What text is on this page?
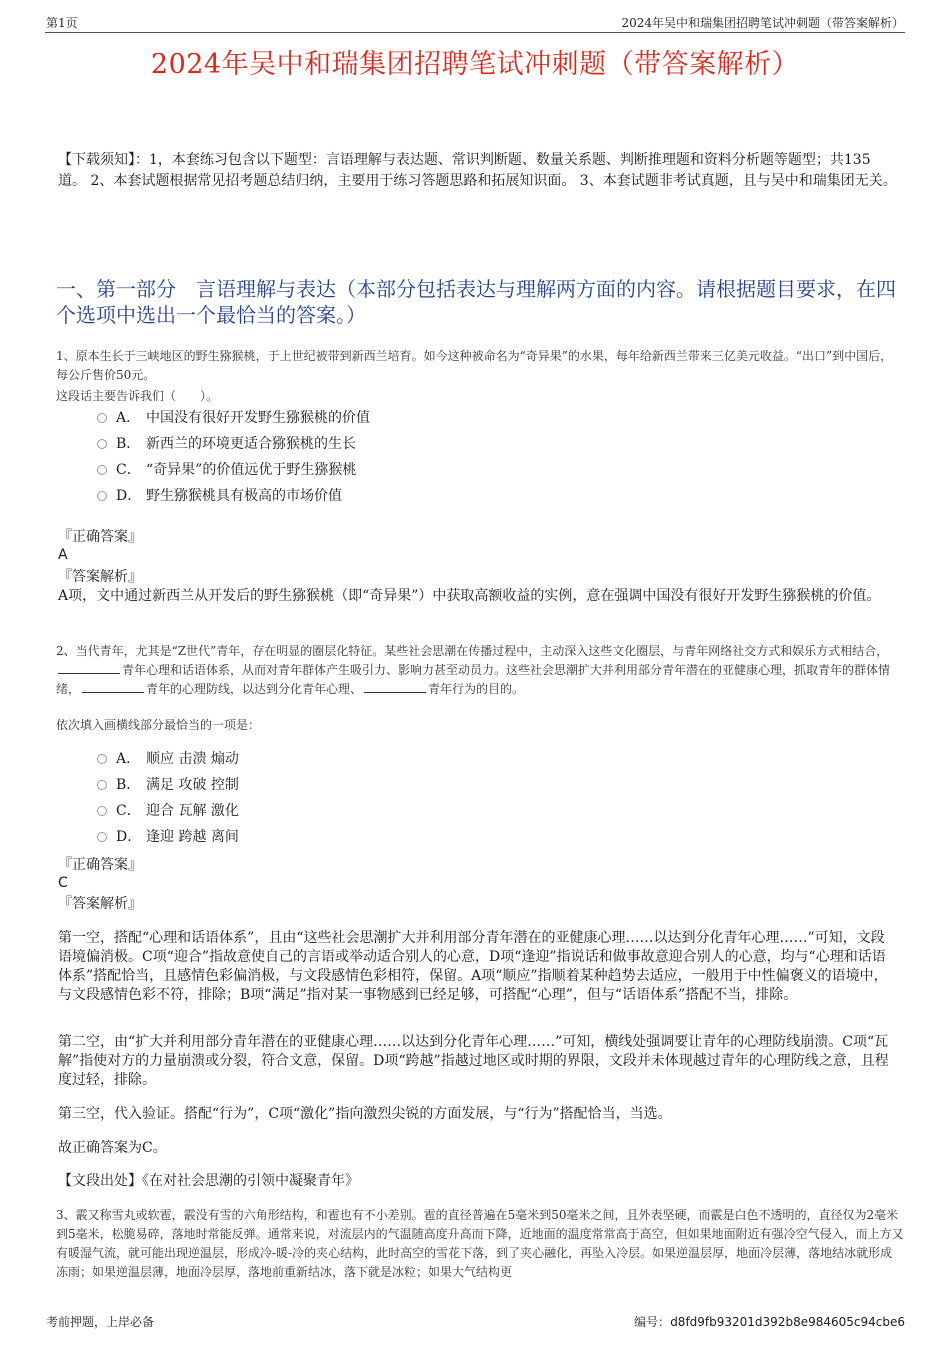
第1页	2024年吴中和瑞集团招聘笔试冲刺题（带答案解析）
2024年吴中和瑞集团招聘笔试冲刺题（带答案解析）
【下载须知】：1，本套练习包含以下题型：言语理解与表达题、常识判断题、数量关系题、判断推理题和资料分析题等题型；共135道。 2、本套试题根据常见招考题总结归纳，主要用于练习答题思路和拓展知识面。 3、本套试题非考试真题，且与吴中和瑞集团无关。
一、第一部分　言语理解与表达（本部分包括表达与理解两方面的内容。请根据题目要求，在四个选项中选出一个最恰当的答案。）
1、原本生长于三峡地区的野生猕猴桃，于上世纪被带到新西兰培育。如今这种被命名为“奇异果”的水果，每年给新西兰带来三亿美元收益。“出口”到中国后，每公斤售价50元。
这段话主要告诉我们（　　）。
A． 中国没有很好开发野生猕猴桃的价值
B． 新西兰的环境更适合猕猴桃的生长
C． “奇异果”的价值远优于野生猕猴桃
D． 野生猕猴桃具有极高的市场价值
『正确答案』
A
『答案解析』
A项，文中通过新西兰从开发后的野生猕猴桃（即“奇异果”）中获取高额收益的实例，意在强调中国没有很好开发野生猕猴桃的价值。
2、当代青年，尤其是“Z世代”青年，存在明显的圈层化特征。某些社会思潮在传播过程中，主动深入这些文化圈层，与青年网络社交方式和娱乐方式相结合，青年心理和话语体系，从而对青年群体产生吸引力、影响力甚至动员力。这些社会思潮扩大并利用部分青年潜在的亚健康心理，抓取青年的群体情绪，	青年的心理防线，以达到分化青年心理、	青年行为的目的。
依次填入画横线部分最恰当的一项是：
A． 顺应 击溃 煽动
B． 满足 攻破 控制
C． 迎合 瓦解 激化
D． 逢迎 跨越 离间
『正确答案』
C
『答案解析』
第一空，搭配“心理和话语体系”，且由“这些社会思潮扩大并利用部分青年潜在的亚健康心理……以达到分化青年心理……”可知，文段语境偏消极。C项“迎合”指故意使自己的言语或举动适合别人的心意，D项“逢迎”指说话和做事故意迎合别人的心意，均与“心理和话语体系”搭配恰当，且感情色彩偏消极，与文段感情色彩相符，保留。A项“顺应”指顺着某种趋势去适应，一般用于中性偏褒义的语境中，与文段感情色彩不符，排除；B项“满足”指对某一事物感到已经足够，可搭配“心理”，但与“话语体系”搭配不当，排除。
第二空，由“扩大并利用部分青年潜在的亚健康心理……以达到分化青年心理……”可知，横线处强调要让青年的心理防线崩溃。C项“瓦解”指使对方的力量崩溃或分裂，符合文意，保留。D项“跨越”指越过地区或时期的界限，文段并未体现越过青年的心理防线之意，且程度过轻，排除。
第三空，代入验证。搭配“行为”，C项“激化”指向激烈尖锐的方面发展，与“行为”搭配恰当，当选。
故正确答案为C。
【文段出处】《在对社会思潮的引领中凝聚青年》
3、霰又称雪丸或软雹，霰没有雪的六角形结构，和雹也有不小差别。雹的直径普遍在5毫米到50毫米之间，且外表坚硬，而霰是白色不透明的，直径仅为2毫米到5毫米，松脆易碎，落地时常能反弹。通常来说，对流层内的气温随高度升高而下降，近地面的温度常常高于高空，但如果地面附近有强冷空气侵入，而上方又有暖湿气流，就可能出现逆温层，形成冷-暖-冷的夹心结构，此时高空的雪花下落，到了夹心融化，再坠入冷层。如果逆温层厚，地面冷层薄，落地结冰就形成冻雨；如果逆温层薄，地面冷层厚，落地前重新结冰，落下就是冰粒；如果大气结构更
考前押题，上岸必备	编号：d8fd9fb93201d392b8e984605c94cbe6
